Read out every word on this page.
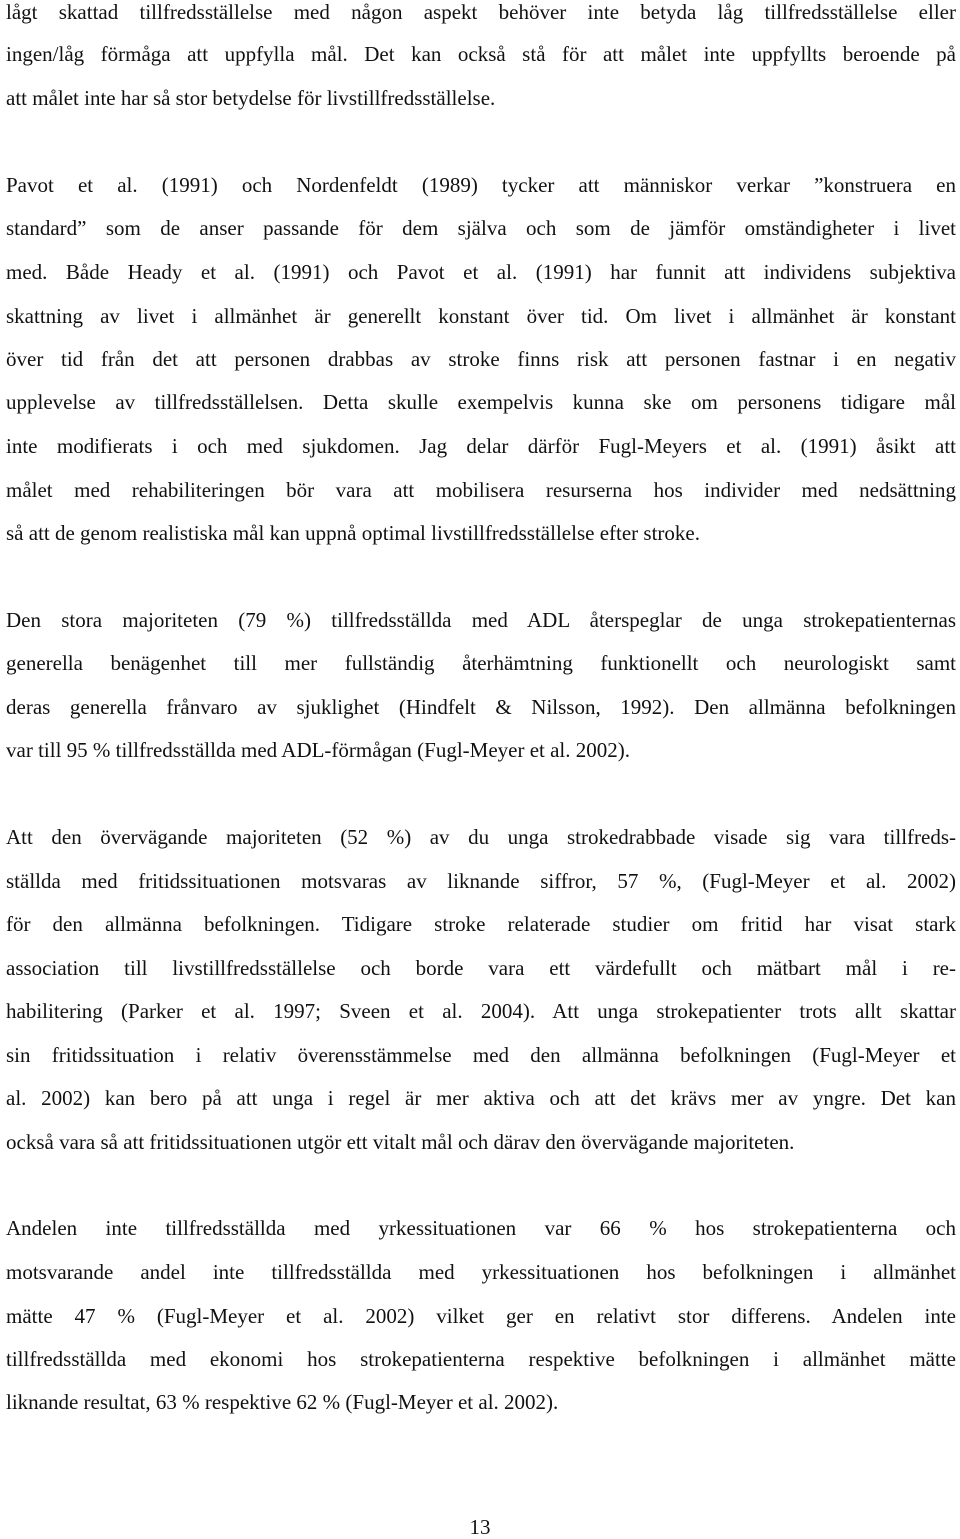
lågt skattad tillfredsställelse med någon aspekt behöver inte betyda låg tillfredsställelse eller
ingen/låg förmåga att uppfylla mål. Det kan också stå för att målet inte uppfyllts beroende på
att målet inte har så stor betydelse för livstillfredsställelse.
Pavot et al. (1991) och Nordenfeldt (1989) tycker att människor verkar ”konstruera en
standard” som de anser passande för dem själva och som de jämför omständigheter i livet
med. Både Heady et al. (1991) och Pavot et al. (1991) har funnit att individens subjektiva
skattning av livet i allmänhet är generellt konstant över tid. Om livet i allmänhet är konstant
över tid från det att personen drabbas av stroke finns risk att personen fastnar i en negativ
upplevelse av tillfredsställelsen. Detta skulle exempelvis kunna ske om personens tidigare mål
inte modifierats i och med sjukdomen. Jag delar därför Fugl-Meyers et al. (1991) åsikt att
målet med rehabiliteringen bör vara att mobilisera resurserna hos individer med nedsättning
så att de genom realistiska mål kan uppnå optimal livstillfredsställelse efter stroke.
Den stora majoriteten (79 %) tillfredsställda med ADL återspeglar de unga strokepatienternas
generella benägenhet till mer fullständig återhämtning funktionellt och neurologiskt samt
deras generella frånvaro av sjuklighet (Hindfelt & Nilsson, 1992). Den allmänna befolkningen
var till 95 % tillfredsställda med ADL-förmågan (Fugl-Meyer et al. 2002).
Att den övervägande majoriteten (52 %) av du unga strokedrabbade visade sig vara tillfreds-
ställda med fritidssituationen motsvaras av liknande siffror, 57 %, (Fugl-Meyer et al. 2002)
för den allmänna befolkningen. Tidigare stroke relaterade studier om fritid har visat stark
association till livstillfredsställelse och borde vara ett värdefullt och mätbart mål i re-
habilitering (Parker et al. 1997; Sveen et al. 2004). Att unga strokepatienter trots allt skattar
sin fritidssituation i relativ överensstämmelse med den allmänna befolkningen (Fugl-Meyer et
al. 2002) kan bero på att unga i regel är mer aktiva och att det krävs mer av yngre. Det kan
också vara så att fritidssituationen utgör ett vitalt mål och därav den övervägande majoriteten.
Andelen inte tillfredsställda med yrkessituationen var 66 % hos strokepatienterna och
motsvarande andel inte tillfredsställda med yrkessituationen hos befolkningen i allmänhet
mätte 47 % (Fugl-Meyer et al. 2002) vilket ger en relativt stor differens. Andelen inte
tillfredsställda med ekonomi hos strokepatienterna respektive befolkningen i allmänhet mätte
liknande resultat, 63 % respektive 62 % (Fugl-Meyer et al. 2002).
13
